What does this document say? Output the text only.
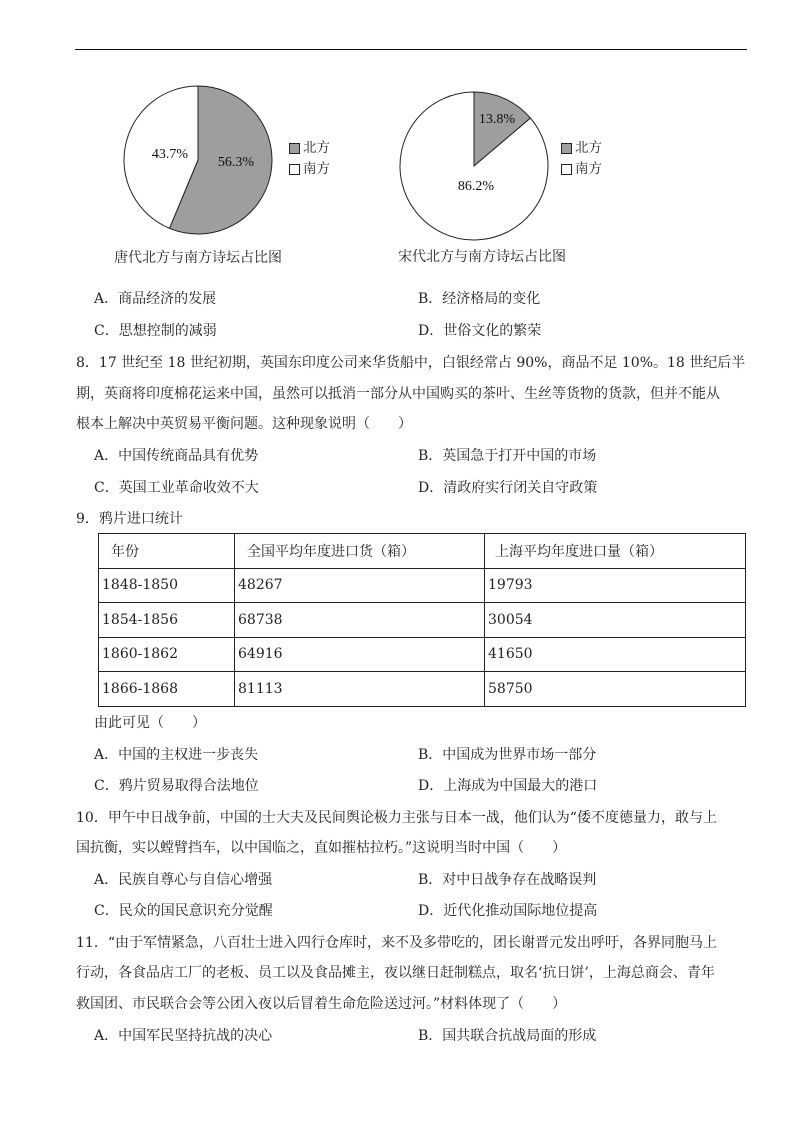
56.3%
43.7%	北方
南方
唐代北方与南方诗坛占比图
13.8%
86.2%
北方
南方
宋代北方与南方诗坛占比图
A．商品经济的发展	B．经济格局的变化
C．思想控制的减弱	D．世俗文化的繁荣
8．17 世纪至 18 世纪初期，英国东印度公司来华货船中，白银经常占 90%，商品不足 10%。18 世纪后半
期，英商将印度棉花运来中国，虽然可以抵消一部分从中国购买的茶叶、生丝等货物的货款，但并不能从
根本上解决中英贸易平衡问题。这种现象说明（　　）
A．中国传统商品具有优势	B．英国急于打开中国的市场
C．英国工业革命收效不大	D．清政府实行闭关自守政策
9．鸦片进口统计
年份	全国平均年度进口货（箱）	上海平均年度进口量（箱）
1848-1850	48267	19793
1854-1856	68738	30054
1860-1862	64916	41650
1866-1868	81113	58750
由此可见（　　）
A．中国的主权进一步丧失	B．中国成为世界市场一部分
C．鸦片贸易取得合法地位	D．上海成为中国最大的港口
10．甲午中日战争前，中国的士大夫及民间舆论极力主张与日本一战，他们认为“倭不度德量力，敢与上
国抗衡，实以螳臂挡车，以中国临之，直如摧枯拉朽。”这说明当时中国（　　）
A．民族自尊心与自信心增强	B．对中日战争存在战略误判
C．民众的国民意识充分觉醒	D．近代化推动国际地位提高
11．“由于军情紧急，八百壮士进入四行仓库时，来不及多带吃的，团长谢晋元发出呼吁，各界同胞马上
行动，各食品店工厂的老板、员工以及食品摊主，夜以继日赶制糕点，取名‘抗日饼’，上海总商会、青年
救国团、市民联合会等公团入夜以后冒着生命危险送过河。”材料体现了（　　）
A．中国军民坚持抗战的决心	B．国共联合抗战局面的形成
